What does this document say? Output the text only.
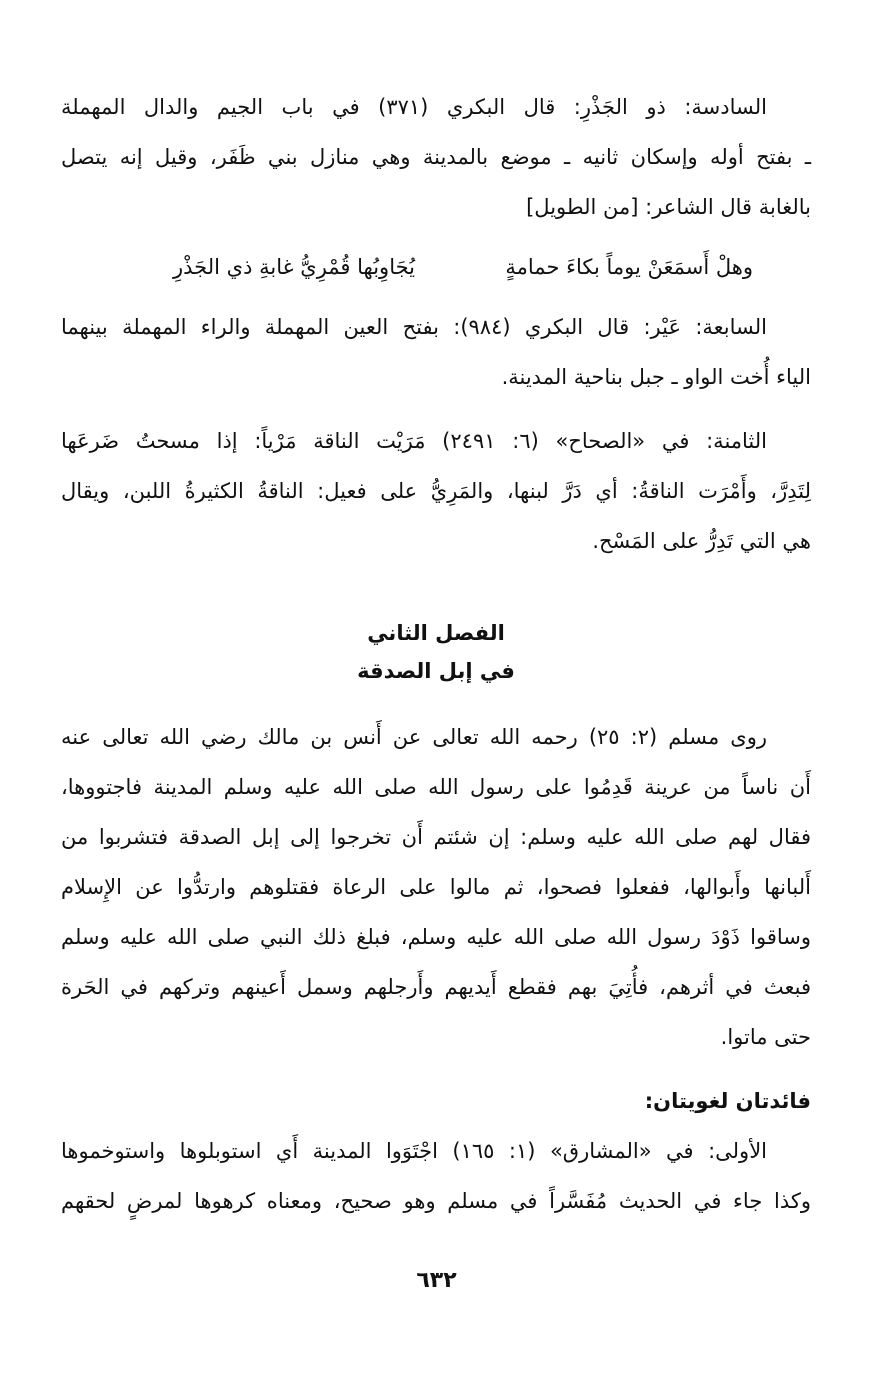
السادسة: ذو الجَذْرِ: قال البكري (٣٧١) في باب الجيم والدال المهملة
ـ بفتح أوله وإسكان ثانيه ـ موضع بالمدينة وهي منازل بني ظَفَر، وقيل إنه يتصل
بالغابة قال الشاعر: [من الطويل]

وهلْ أَسمَعَنْ يوماً بكاءَ حمامةٍ
يُجَاوِبُها قُمْرِيُّ غابةِ ذي الجَذْرِ

السابعة: عَيْر: قال البكري (٩٨٤): بفتح العين المهملة والراء المهملة بينهما
الياء أُخت الواو ـ جبل بناحية المدينة.

الثامنة: في «الصحاح» (٦: ٢٤٩١) مَرَيْت الناقة مَرْياً: إذا مسحتُ ضَرعَها
لِتَدِرَّ، وأَمْرَت الناقةُ: أي دَرَّ لبنها، والمَرِيُّ على فعيل: الناقةُ الكثيرةُ اللبن، ويقال
هي التي تَدِرُّ على المَسْح.

الفصل الثاني
في إبل الصدقة

روى مسلم (٢: ٢٥) رحمه الله تعالى عن أَنس بن مالك رضي الله تعالى عنه
أَن ناساً من عرينة قَدِمُوا على رسول الله صلى الله عليه وسلم المدينة فاجتووها،
فقال لهم صلى الله عليه وسلم: إن شئتم أَن تخرجوا إلى إبل الصدقة فتشربوا من
أَلبانها وأَبوالها، ففعلوا فصحوا، ثم مالوا على الرعاة فقتلوهم وارتدُّوا عن الإِسلام
وساقوا ذَوْدَ رسول الله صلى الله عليه وسلم، فبلغ ذلك النبي صلى الله عليه وسلم
فبعث في أثرهم، فأُتِيَ بهم فقطع أَيديهم وأَرجلهم وسمل أَعينهم وتركهم في الحَرة
حتى ماتوا.

فائدتان لغويتان:

الأولى: في «المشارق» (١: ١٦٥) اجْتَوَوا المدينة أَي استوبلوها واستوخموها
وكذا جاء في الحديث مُفَسَّراً في مسلم وهو صحيح، ومعناه كرهوها لمرضٍ لحقهم

٦٣٢
